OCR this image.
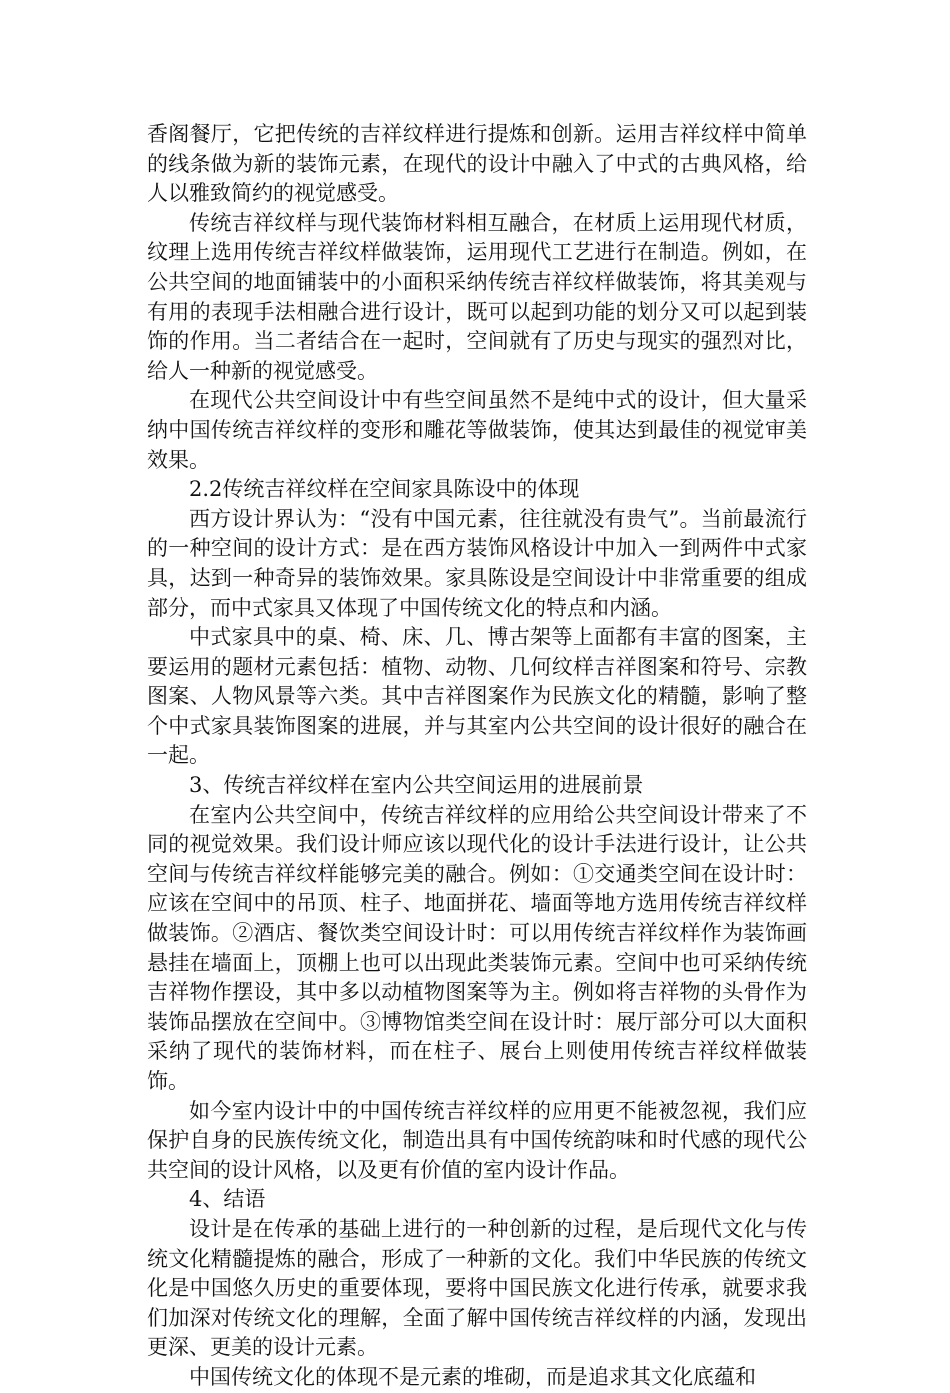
香阁餐厅，它把传统的吉祥纹样进行提炼和创新。运用吉祥纹样中简单的线条做为新的装饰元素，在现代的设计中融入了中式的古典风格，给人以雅致简约的视觉感受。

传统吉祥纹样与现代装饰材料相互融合，在材质上运用现代材质，纹理上选用传统吉祥纹样做装饰，运用现代工艺进行在制造。例如，在公共空间的地面铺装中的小面积采纳传统吉祥纹样做装饰，将其美观与有用的表现手法相融合进行设计，既可以起到功能的划分又可以起到装饰的作用。当二者结合在一起时，空间就有了历史与现实的强烈对比，给人一种新的视觉感受。

在现代公共空间设计中有些空间虽然不是纯中式的设计，但大量采纳中国传统吉祥纹样的变形和雕花等做装饰，使其达到最佳的视觉审美效果。

2.2传统吉祥纹样在空间家具陈设中的体现

西方设计界认为：“没有中国元素，往往就没有贵气”。当前最流行的一种空间的设计方式：是在西方装饰风格设计中加入一到两件中式家具，达到一种奇异的装饰效果。家具陈设是空间设计中非常重要的组成部分，而中式家具又体现了中国传统文化的特点和内涵。

中式家具中的桌、椅、床、几、博古架等上面都有丰富的图案，主要运用的题材元素包括：植物、动物、几何纹样吉祥图案和符号、宗教图案、人物风景等六类。其中吉祥图案作为民族文化的精髓，影响了整个中式家具装饰图案的进展，并与其室内公共空间的设计很好的融合在一起。

3、传统吉祥纹样在室内公共空间运用的进展前景

在室内公共空间中，传统吉祥纹样的应用给公共空间设计带来了不同的视觉效果。我们设计师应该以现代化的设计手法进行设计，让公共空间与传统吉祥纹样能够完美的融合。例如：①交通类空间在设计时：应该在空间中的吊顶、柱子、地面拼花、墙面等地方选用传统吉祥纹样做装饰。②酒店、餐饮类空间设计时：可以用传统吉祥纹样作为装饰画悬挂在墙面上，顶棚上也可以出现此类装饰元素。空间中也可采纳传统吉祥物作摆设，其中多以动植物图案等为主。例如将吉祥物的头骨作为装饰品摆放在空间中。③博物馆类空间在设计时：展厅部分可以大面积采纳了现代的装饰材料，而在柱子、展台上则使用传统吉祥纹样做装饰。

如今室内设计中的中国传统吉祥纹样的应用更不能被忽视，我们应保护自身的民族传统文化，制造出具有中国传统韵味和时代感的现代公共空间的设计风格，以及更有价值的室内设计作品。

4、结语

设计是在传承的基础上进行的一种创新的过程，是后现代文化与传统文化精髓提炼的融合，形成了一种新的文化。我们中华民族的传统文化是中国悠久历史的重要体现，要将中国民族文化进行传承，就要求我们加深对传统文化的理解，全面了解中国传统吉祥纹样的内涵，发现出更深、更美的设计元素。

中国传统文化的体现不是元素的堆砌，而是追求其文化底蕴和
